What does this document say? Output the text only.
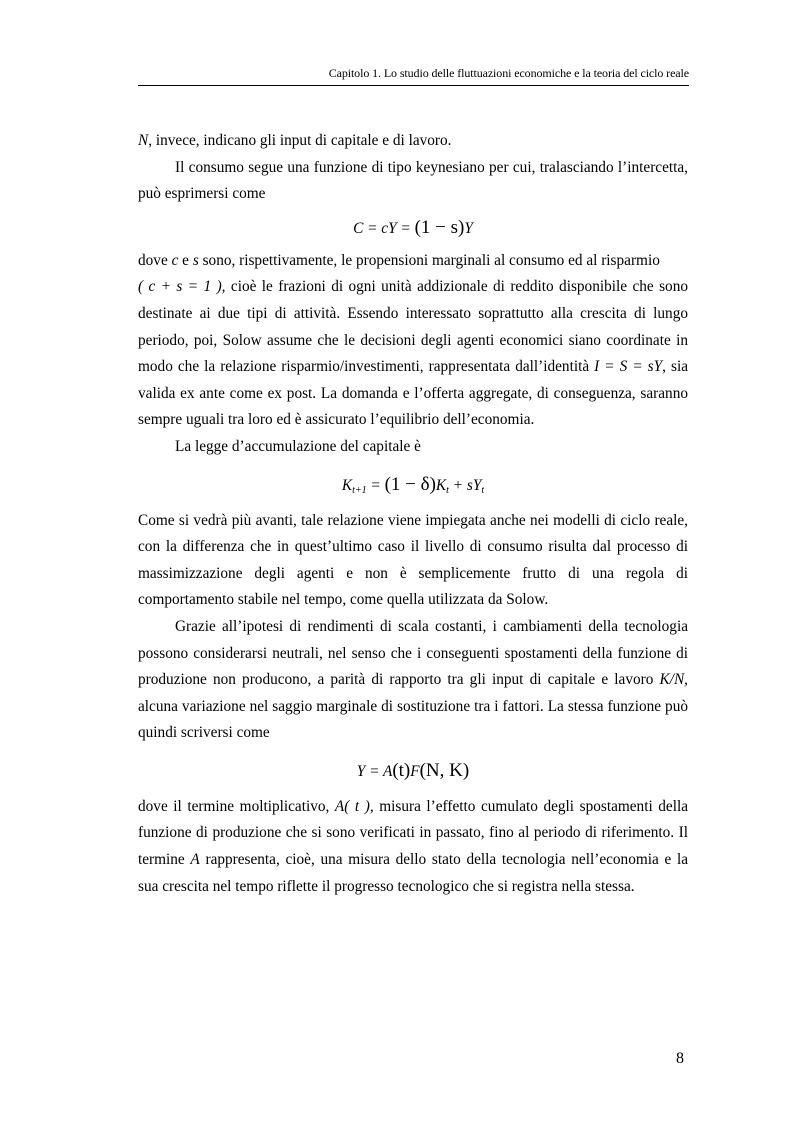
Capitolo 1. Lo studio delle fluttuazioni economiche e la teoria del ciclo reale

N, invece, indicano gli input di capitale e di lavoro.

Il consumo segue una funzione di tipo keynesiano per cui, tralasciando l’intercetta, può esprimersi come

C = cY = (1 − s)Y

dove c e s sono, rispettivamente, le propensioni marginali al consumo ed al risparmio
( c + s = 1 ), cioè le frazioni di ogni unità addizionale di reddito disponibile che sono destinate ai due tipi di attività. Essendo interessato soprattutto alla crescita di lungo periodo, poi, Solow assume che le decisioni degli agenti economici siano coordinate in modo che la relazione risparmio/investimenti, rappresentata dall’identità I = S = sY, sia valida ex ante come ex post. La domanda e l’offerta aggregate, di conseguenza, saranno sempre uguali tra loro ed è assicurato l’equilibrio dell’economia.

La legge d’accumulazione del capitale è

$K_{t+1} = (1 - \delta)K_t + sY_t$

Come si vedrà più avanti, tale relazione viene impiegata anche nei modelli di ciclo reale, con la differenza che in quest’ultimo caso il livello di consumo risulta dal processo di massimizzazione degli agenti e non è semplicemente frutto di una regola di comportamento stabile nel tempo, come quella utilizzata da Solow.

Grazie all’ipotesi di rendimenti di scala costanti, i cambiamenti della tecnologia possono considerarsi neutrali, nel senso che i conseguenti spostamenti della funzione di produzione non producono, a parità di rapporto tra gli input di capitale e lavoro K/N, alcuna variazione nel saggio marginale di sostituzione tra i fattori. La stessa funzione può quindi scriversi come

Y = A(t)F(N, K)

dove il termine moltiplicativo, A( t ), misura l’effetto cumulato degli spostamenti della funzione di produzione che si sono verificati in passato, fino al periodo di riferimento. Il termine A rappresenta, cioè, una misura dello stato della tecnologia nell’economia e la sua crescita nel tempo riflette il progresso tecnologico che si registra nella stessa.

8
